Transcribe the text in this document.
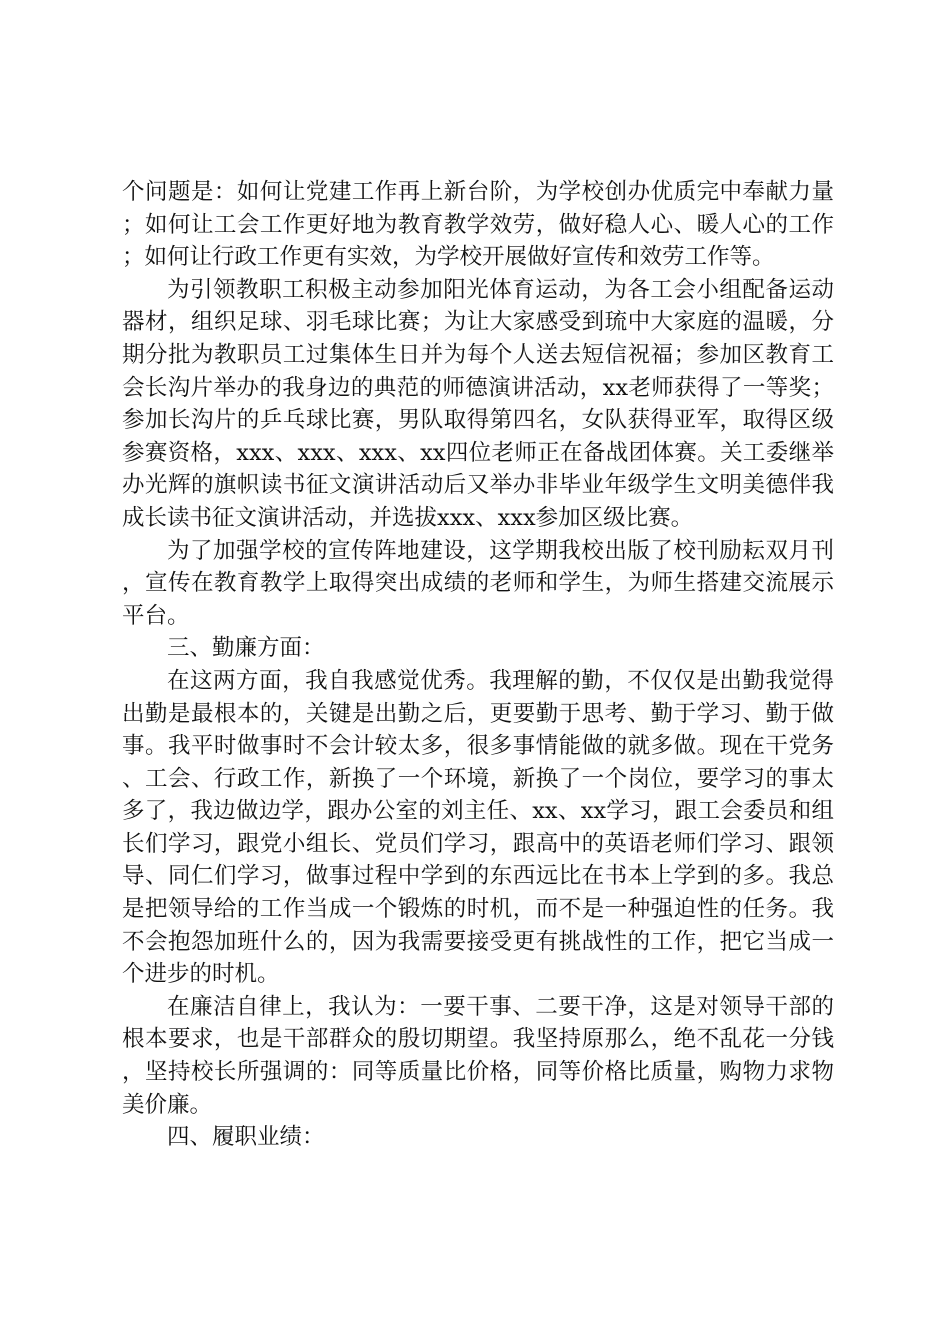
个问题是：如何让党建工作再上新台阶，为学校创办优质完中奉献力量；如何让工会工作更好地为教育教学效劳，做好稳人心、暖人心的工作；如何让行政工作更有实效，为学校开展做好宣传和效劳工作等。

为引领教职工积极主动参加阳光体育运动，为各工会小组配备运动器材，组织足球、羽毛球比赛；为让大家感受到琉中大家庭的温暖，分期分批为教职员工过集体生日并为每个人送去短信祝福；参加区教育工会长沟片举办的我身边的典范的师德演讲活动，xx老师获得了一等奖；参加长沟片的乒乓球比赛，男队取得第四名，女队获得亚军，取得区级参赛资格，xxx、xxx、xxx、xx四位老师正在备战团体赛。关工委继举办光辉的旗帜读书征文演讲活动后又举办非毕业年级学生文明美德伴我成长读书征文演讲活动，并选拔xxx、xxx参加区级比赛。

为了加强学校的宣传阵地建设，这学期我校出版了校刊励耘双月刊，宣传在教育教学上取得突出成绩的老师和学生，为师生搭建交流展示平台。

三、勤廉方面：

在这两方面，我自我感觉优秀。我理解的勤，不仅仅是出勤我觉得出勤是最根本的，关键是出勤之后，更要勤于思考、勤于学习、勤于做事。我平时做事时不会计较太多，很多事情能做的就多做。现在干党务、工会、行政工作，新换了一个环境，新换了一个岗位，要学习的事太多了，我边做边学，跟办公室的刘主任、xx、xx学习，跟工会委员和组长们学习，跟党小组长、党员们学习，跟高中的英语老师们学习、跟领导、同仁们学习，做事过程中学到的东西远比在书本上学到的多。我总是把领导给的工作当成一个锻炼的时机，而不是一种强迫性的任务。我不会抱怨加班什么的，因为我需要接受更有挑战性的工作，把它当成一个进步的时机。

在廉洁自律上，我认为：一要干事、二要干净，这是对领导干部的根本要求，也是干部群众的殷切期望。我坚持原那么，绝不乱花一分钱，坚持校长所强调的：同等质量比价格，同等价格比质量，购物力求物美价廉。

四、履职业绩：
